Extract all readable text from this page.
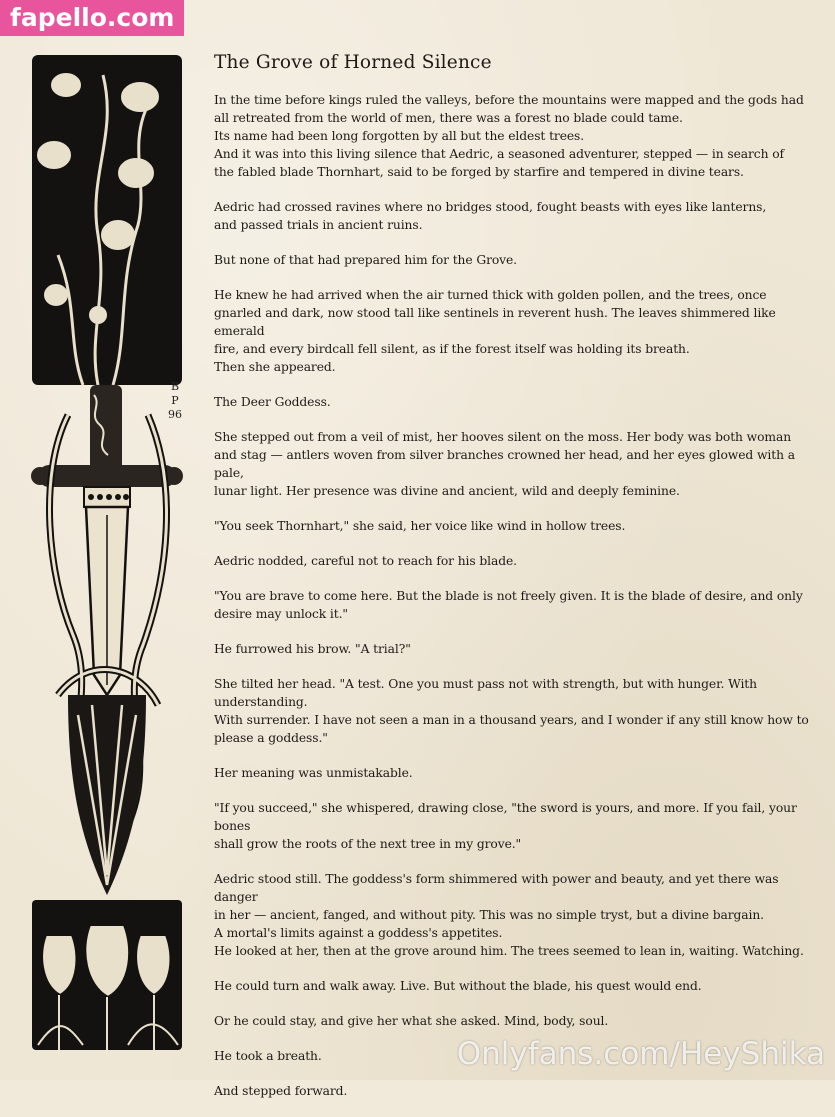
fapello.com
B
P
96
The Grove of Horned Silence

In the time before kings ruled the valleys, before the mountains were mapped and the gods had
all retreated from the world of men, there was a forest no blade could tame.
Its name had been long forgotten by all but the eldest trees.
And it was into this living silence that Aedric, a seasoned adventurer, stepped — in search of
the fabled blade Thornhart, said to be forged by starfire and tempered in divine tears.

Aedric had crossed ravines where no bridges stood, fought beasts with eyes like lanterns,
and passed trials in ancient ruins.

But none of that had prepared him for the Grove.

He knew he had arrived when the air turned thick with golden pollen, and the trees, once
gnarled and dark, now stood tall like sentinels in reverent hush. The leaves shimmered like emerald
fire, and every birdcall fell silent, as if the forest itself was holding its breath.
Then she appeared.

The Deer Goddess.

She stepped out from a veil of mist, her hooves silent on the moss. Her body was both woman
and stag — antlers woven from silver branches crowned her head, and her eyes glowed with a pale,
lunar light. Her presence was divine and ancient, wild and deeply feminine.

"You seek Thornhart," she said, her voice like wind in hollow trees.

Aedric nodded, careful not to reach for his blade.

"You are brave to come here. But the blade is not freely given. It is the blade of desire, and only
desire may unlock it."

He furrowed his brow. "A trial?"

She tilted her head. "A test. One you must pass not with strength, but with hunger. With understanding.
With surrender. I have not seen a man in a thousand years, and I wonder if any still know how to
please a goddess."

Her meaning was unmistakable.

"If you succeed," she whispered, drawing close, "the sword is yours, and more. If you fail, your bones
shall grow the roots of the next tree in my grove."

Aedric stood still. The goddess's form shimmered with power and beauty, and yet there was danger
in her — ancient, fanged, and without pity. This was no simple tryst, but a divine bargain.
A mortal's limits against a goddess's appetites.
He looked at her, then at the grove around him. The trees seemed to lean in, waiting. Watching.

He could turn and walk away. Live. But without the blade, his quest would end.

Or he could stay, and give her what she asked. Mind, body, soul.

He took a breath.

And stepped forward.

Onlyfans.com/HeyShika
